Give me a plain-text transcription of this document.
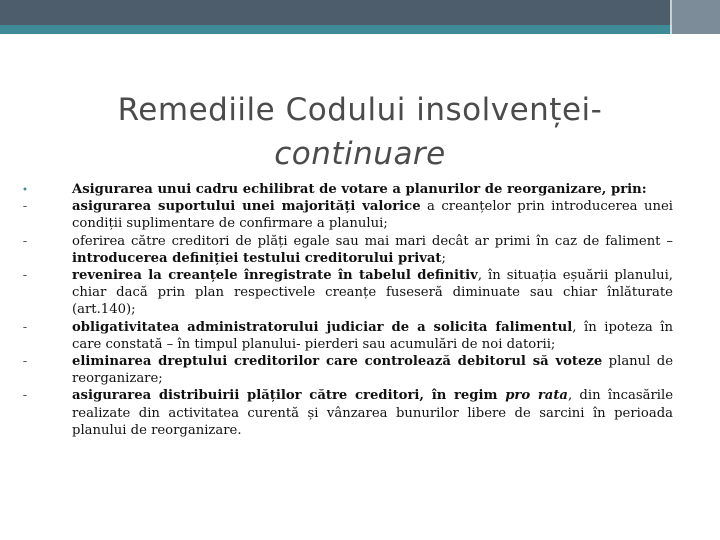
Remediile Codului insolvenței-
continuare
•	Asigurarea unui cadru echilibrat de votare a planurilor de reorganizare, prin:
-	asigurarea suportului unei majorități valorice a creanțelor prin introducerea unei condiții suplimentare de confirmare a planului;
-	oferirea către creditori de plăți egale sau mai mari decât ar primi în caz de faliment –introducerea definiției testului creditorului privat;
-	revenirea la creanțele înregistrate în tabelul definitiv, în situația eșuării planului, chiar dacă prin plan respectivele creanțe fuseseră diminuate sau chiar înlăturate (art.140);
-	obligativitatea administratorului judiciar de a solicita falimentul, în ipoteza în care constată – în timpul planului- pierderi sau acumulări de noi datorii;
-	eliminarea dreptului creditorilor care controlează debitorul să voteze planul de reorganizare;
-	asigurarea distribuirii plăților către creditori, în regim pro rata, din încasările realizate din activitatea curentă și vânzarea bunurilor libere de sarcini în perioada planului de reorganizare.
